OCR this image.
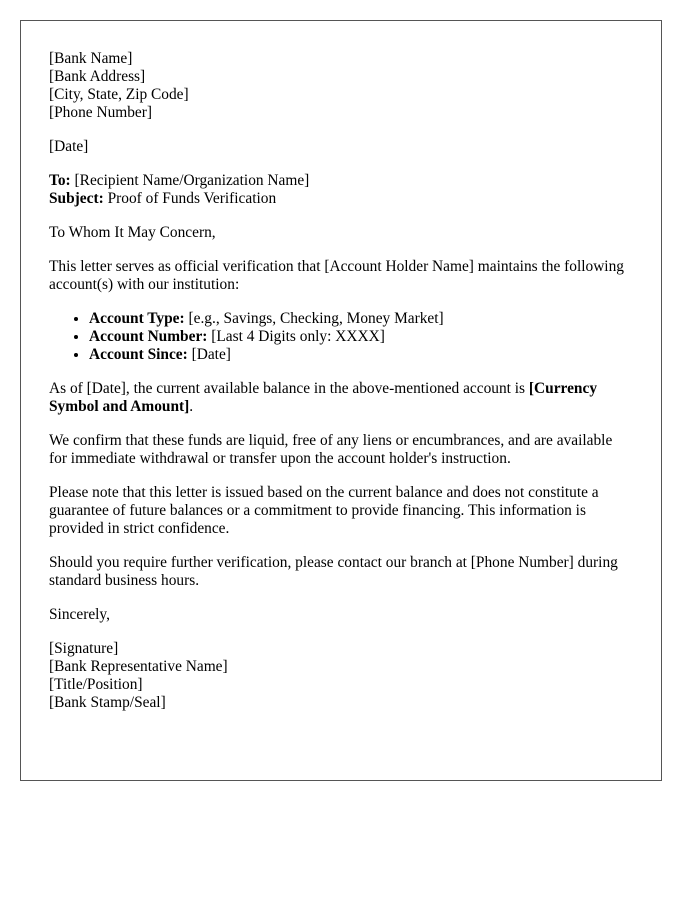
[Bank Name]
[Bank Address]
[City, State, Zip Code]
[Phone Number]
[Date]
To: [Recipient Name/Organization Name]
Subject: Proof of Funds Verification

To Whom It May Concern,

This letter serves as official verification that [Account Holder Name] maintains the following account(s) with our institution:

• Account Type: [e.g., Savings, Checking, Money Market]
• Account Number: [Last 4 Digits only: XXXX]
• Account Since: [Date]

As of [Date], the current available balance in the above-mentioned account is [Currency Symbol and Amount].

We confirm that these funds are liquid, free of any liens or encumbrances, and are available for immediate withdrawal or transfer upon the account holder's instruction.

Please note that this letter is issued based on the current balance and does not constitute a guarantee of future balances or a commitment to provide financing. This information is provided in strict confidence.

Should you require further verification, please contact our branch at [Phone Number] during standard business hours.

Sincerely,

[Signature]
[Bank Representative Name]
[Title/Position]
[Bank Stamp/Seal]
